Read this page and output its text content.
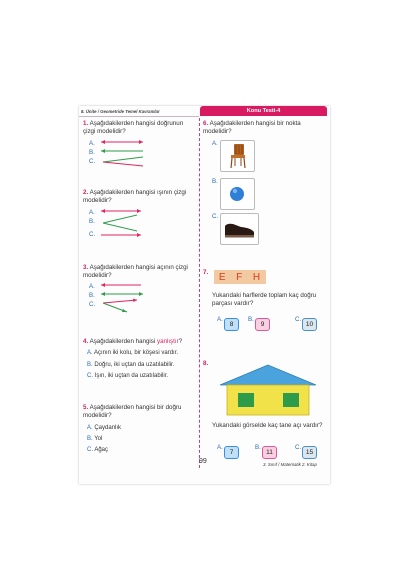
8. Ünite / Geometride Temel Kavramlar	Konu Testi-4
1. Aşağıdakilerden hangisi doğrunun çizgi modelidir?
A.
B.
C.
2. Aşağıdakilerden hangisi ışının çizgi modelidir?
A.
B.
C.
3. Aşağıdakilerden hangisi açının çizgi modelidir?
A.
B.
C.
4. Aşağıdakilerden hangisi yanlıştır?
A. Açının iki kolu, bir köşesi vardır.
B. Doğru, iki uçtan da uzatılabilir.
C. Işın, iki uçtan da uzatılabilir.
5. Aşağıdakilerden hangisi bir doğru modelidir?
A. Çaydanlık
B. Yol
C. Ağaç
6. Aşağıdakilerden hangisi bir nokta modelidir?
A.
B.
C.
7. E F H
Yukarıdaki harflerde toplam kaç doğru parçası vardır?
A.
8
B.
9
C.
10
8.
Yukarıdaki görselde kaç tane açı vardır?
A.
7
B.
11
C.
15
99	3. Sınıf / Matematik 2. Kitap
